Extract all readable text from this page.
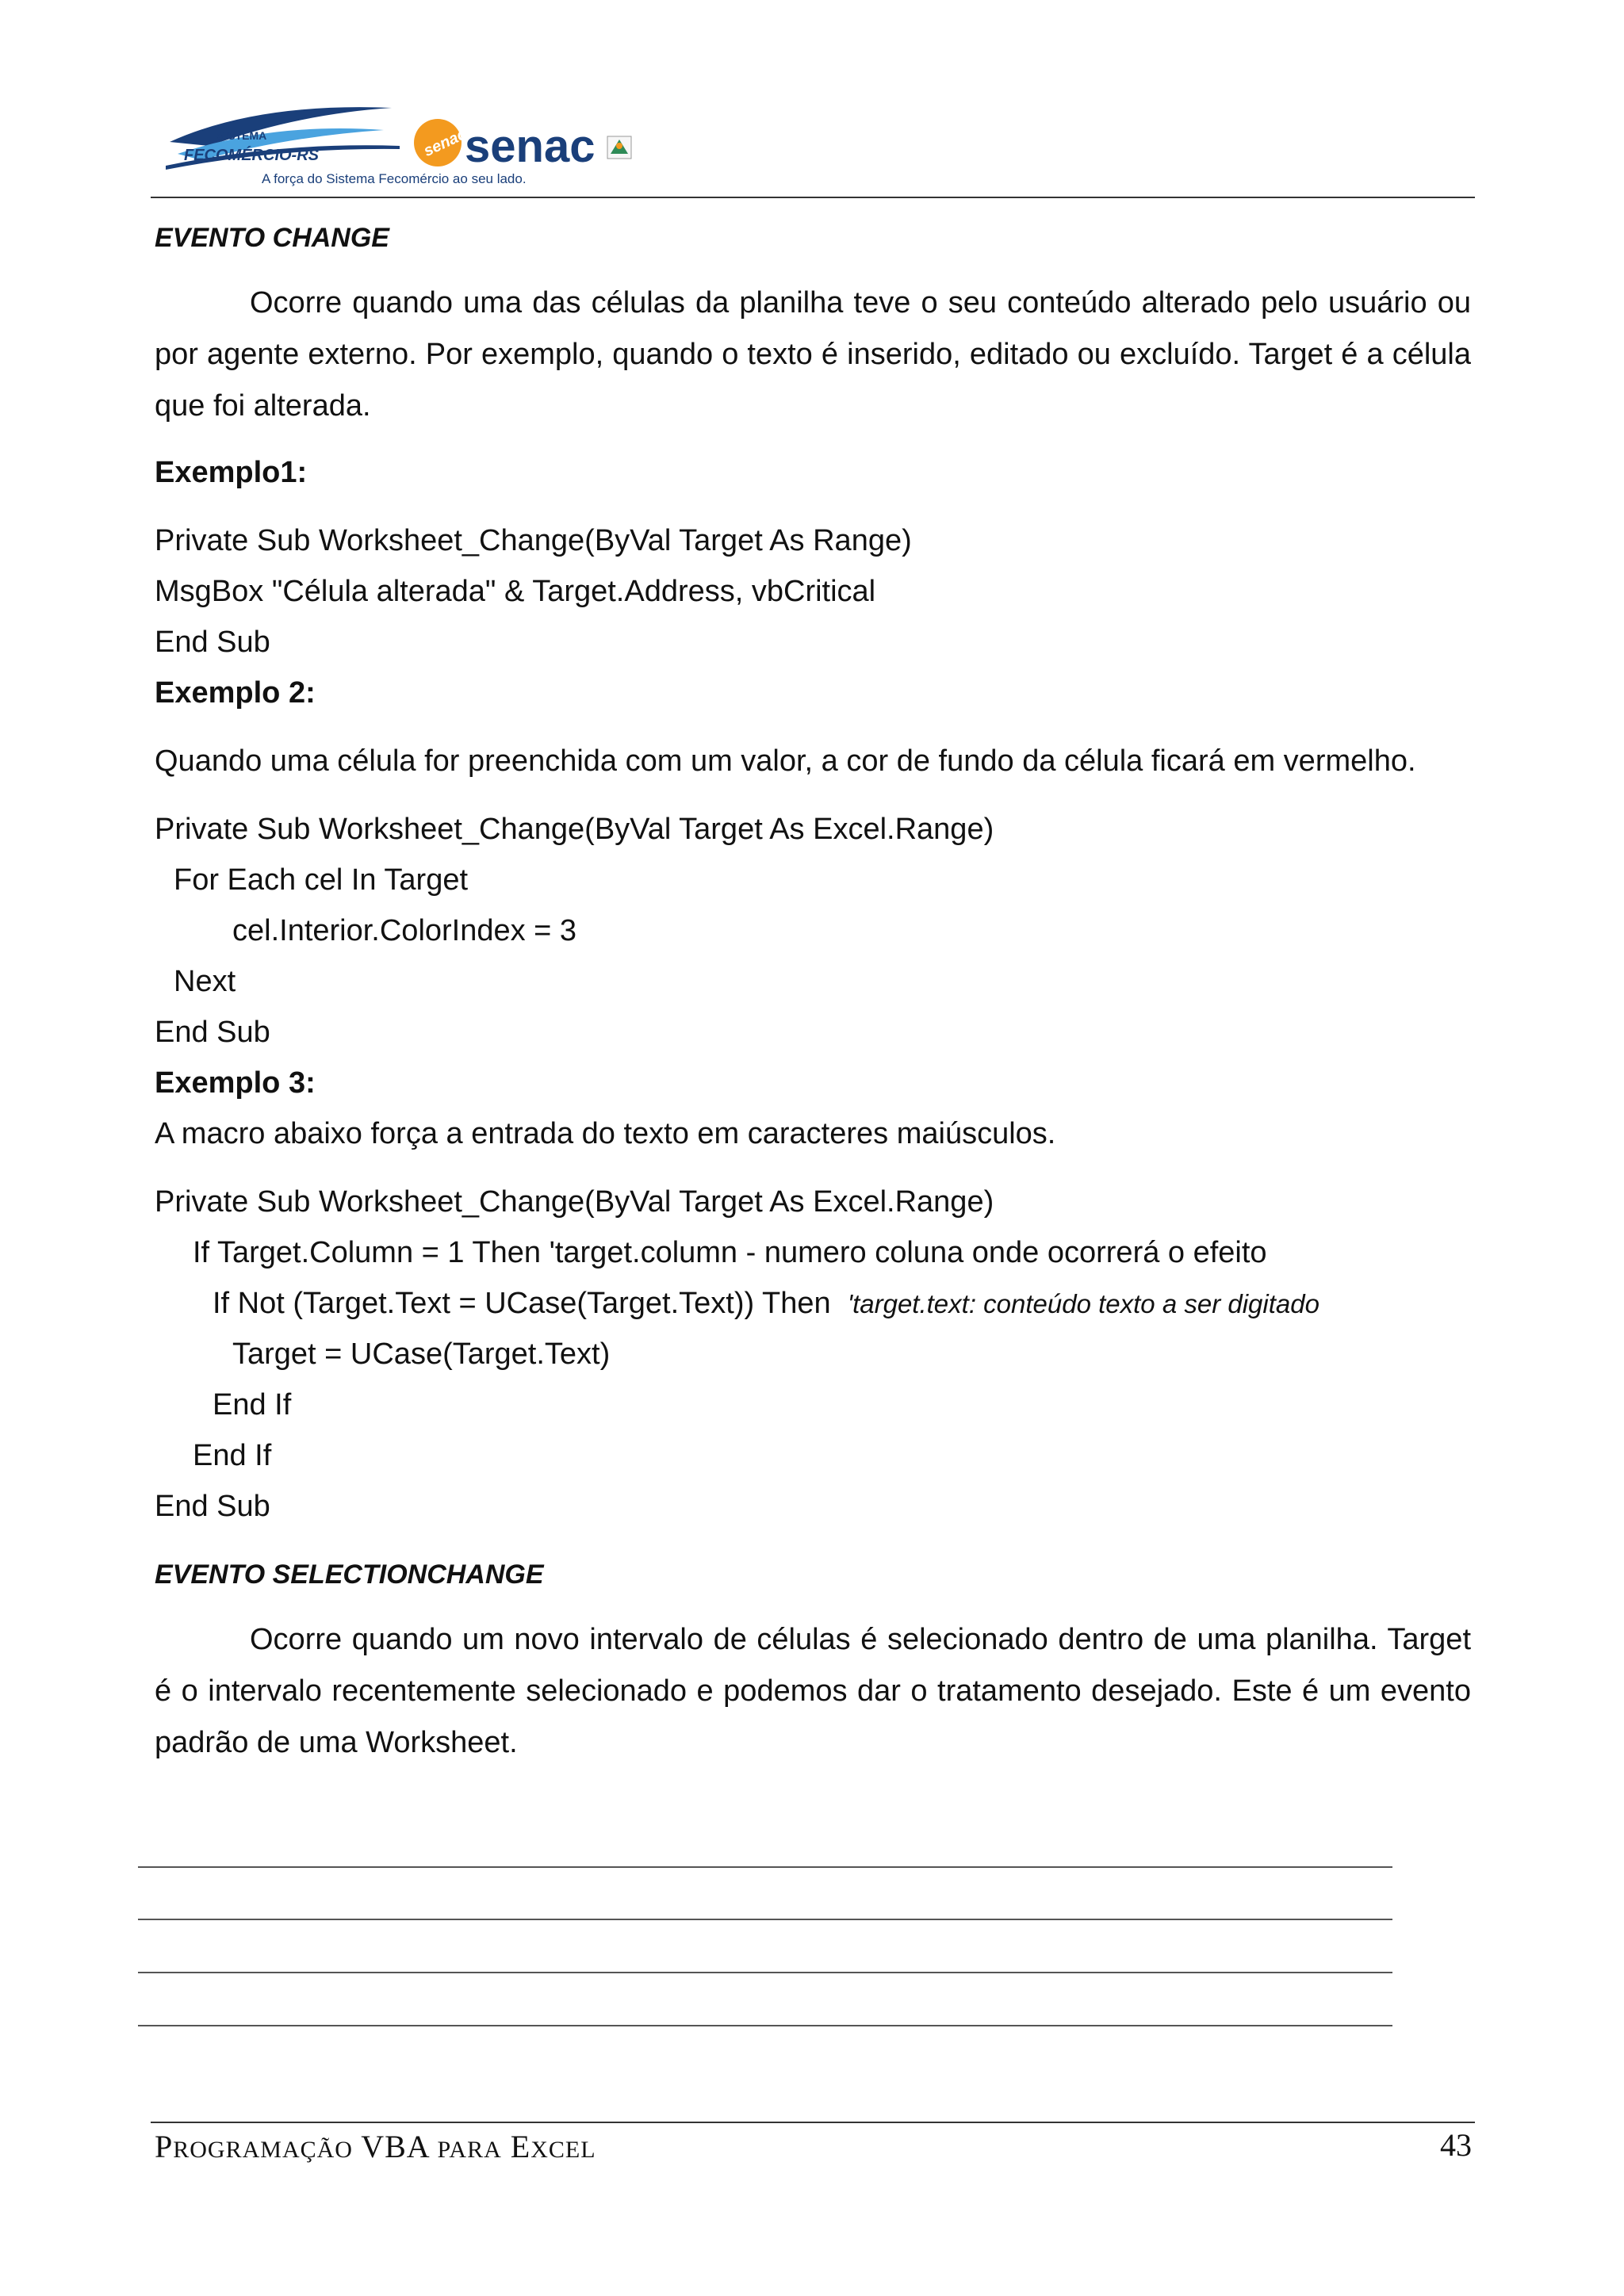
SISTEMA
FECOMÉRCIO-RS	senac
senac
A força do Sistema Fecomércio ao seu lado.
EVENTO CHANGE
Ocorre quando uma das células da planilha teve o seu conteúdo alterado pelo usuário ou por agente externo. Por exemplo, quando o texto é inserido, editado ou excluído. Target é a célula que foi alterada.
Exemplo1:
Private Sub Worksheet_Change(ByVal Target As Range)
MsgBox "Célula alterada" & Target.Address, vbCritical
End Sub
Exemplo 2:
Quando uma célula for preenchida com um valor, a cor de fundo da célula ficará em vermelho.
Private Sub Worksheet_Change(ByVal Target As Excel.Range)
For Each cel In Target
cel.Interior.ColorIndex = 3
Next
End Sub
Exemplo 3:
A macro abaixo força a entrada do texto em caracteres maiúsculos.
Private Sub Worksheet_Change(ByVal Target As Excel.Range)
If Target.Column = 1 Then 'target.column - numero coluna onde ocorrerá o efeito
If Not (Target.Text = UCase(Target.Text)) Then 'target.text: conteúdo texto a ser digitado
Target = UCase(Target.Text)
End If
End If
End Sub
EVENTO SELECTIONCHANGE
Ocorre quando um novo intervalo de células é selecionado dentro de uma planilha. Target é o intervalo recentemente selecionado e podemos dar o tratamento desejado. Este é um evento padrão de uma Worksheet.
PROGRAMAÇÃO VBA PARA EXCEL	43
